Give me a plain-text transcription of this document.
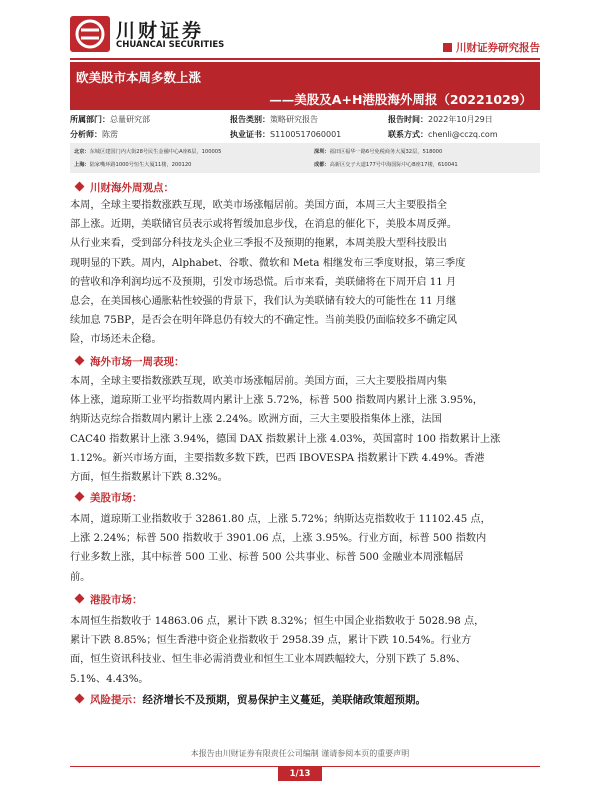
川财证券
CHUANCAI SECURITIES	川财证券研究报告
欧美股市本周多数上涨
——美股及A+H港股海外周报（20221029）
所属部门：总量研究部	报告类别：策略研究报告	报告时间：2022年10月29日
分析师：陈雳	执业证书：S1100517060001	联系方式：chenli@cczq.com
北京：东城区建国门内大街28号民生金融中心A座6层，100005	深圳：福田区福华一路6号免税商务大厦32层，518000
上海：陆家嘴环路1000号恒生大厦11楼，200120	成都：高新区交子大道177号中海国际中心B座17楼，610041
川财海外周观点：
本周，全球主要指数涨跌互现，欧美市场涨幅居前。美国方面，本周三大主要股指全
部上涨。近期，美联储官员表示或将暂缓加息步伐，在消息的催化下，美股本周反弹。
从行业来看，受到部分科技龙头企业三季报不及预期的拖累，本周美股大型科技股出
现明显的下跌。周内，Alphabet、谷歌、微软和 Meta 相继发布三季度财报，第三季度
的营收和净利润均远不及预期，引发市场恐慌。后市来看，美联储将在下周开启 11 月
息会，在美国核心通胀粘性较强的背景下，我们认为美联储有较大的可能性在 11 月继
续加息 75BP，是否会在明年降息仍有较大的不确定性。当前美股仍面临较多不确定风
险，市场还未企稳。
海外市场一周表现：
本周，全球主要指数涨跌互现，欧美市场涨幅居前。美国方面，三大主要股指周内集
体上涨，道琼斯工业平均指数周内累计上涨 5.72%，标普 500 指数周内累计上涨 3.95%，
纳斯达克综合指数周内累计上涨 2.24%。欧洲方面，三大主要股指集体上涨，法国
CAC40 指数累计上涨 3.94%，德国 DAX 指数累计上涨 4.03%，英国富时 100 指数累计上涨
1.12%。新兴市场方面，主要指数多数下跌，巴西 IBOVESPA 指数累计下跌 4.49%。香港
方面，恒生指数累计下跌 8.32%。
美股市场：
本周，道琼斯工业指数收于 32861.80 点，上涨 5.72%；纳斯达克指数收于 11102.45 点，
上涨 2.24%；标普 500 指数收于 3901.06 点，上涨 3.95%。行业方面，标普 500 指数内
行业多数上涨，其中标普 500 工业、标普 500 公共事业、标普 500 金融业本周涨幅居
前。
港股市场：
本周恒生指数收于 14863.06 点，累计下跌 8.32%；恒生中国企业指数收于 5028.98 点，
累计下跌 8.85%；恒生香港中资企业指数收于 2958.39 点，累计下跌 10.54%。行业方
面，恒生资讯科技业、恒生非必需消费业和恒生工业本周跌幅较大，分别下跌了 5.8%、
5.1%、4.43%。
风险提示：经济增长不及预期，贸易保护主义蔓延，美联储政策超预期。
本报告由川财证券有限责任公司编制 谨请参阅本页的重要声明
1/13
